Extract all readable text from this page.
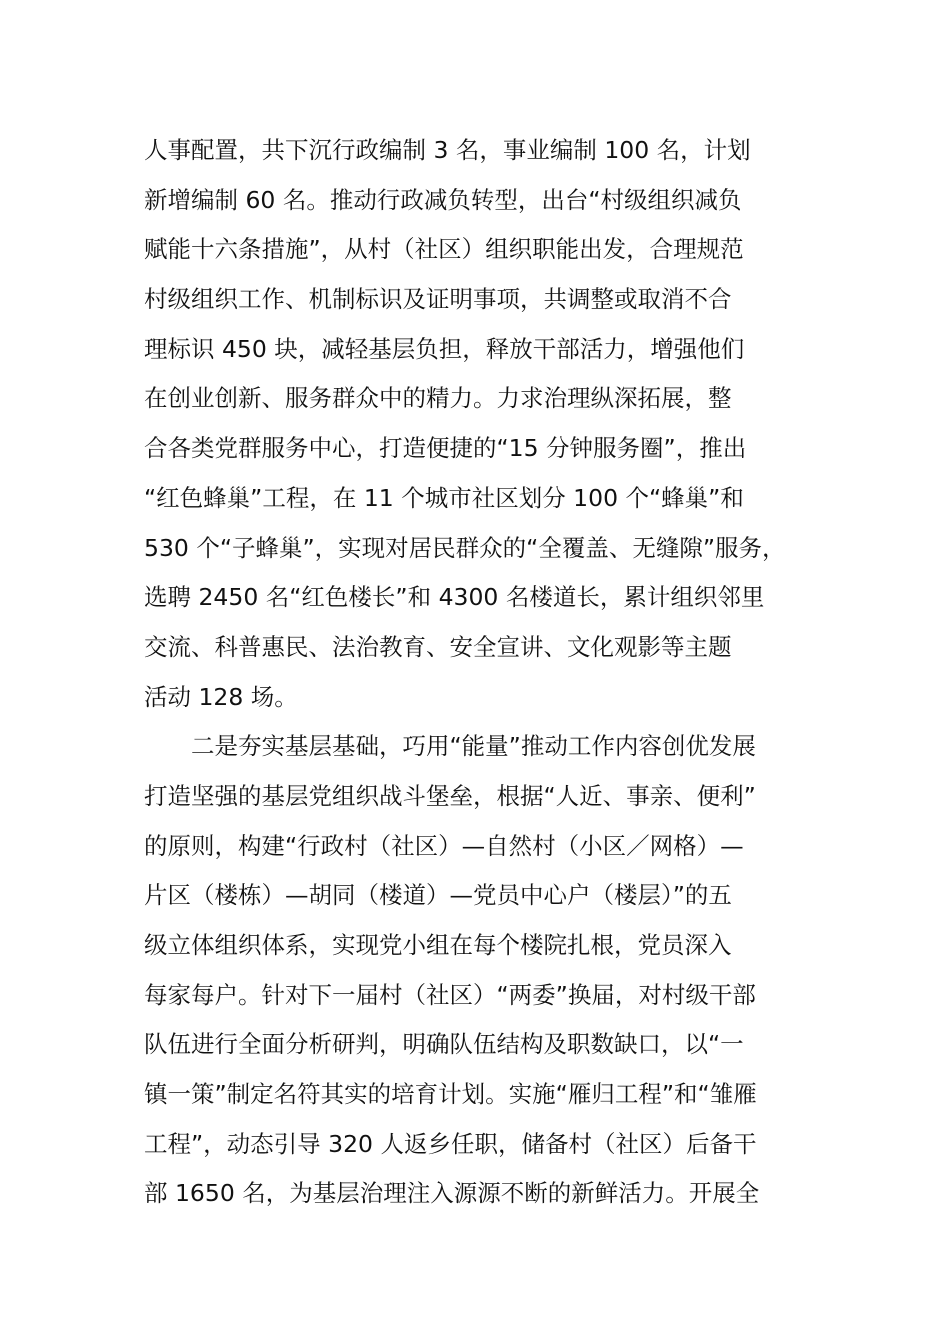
人事配置，共下沉行政编制 3 名，事业编制 100 名，计划
新增编制 60 名。推动行政减负转型，出台“村级组织减负
赋能十六条措施”，从村（社区）组织职能出发，合理规范
村级组织工作、机制标识及证明事项，共调整或取消不合
理标识 450 块，减轻基层负担，释放干部活力，增强他们
在创业创新、服务群众中的精力。力求治理纵深拓展，整
合各类党群服务中心，打造便捷的“15 分钟服务圈”，推出
“红色蜂巢”工程，在 11 个城市社区划分 100 个“蜂巢”和
530 个“子蜂巢”，实现对居民群众的“全覆盖、无缝隙”服务，
选聘 2450 名“红色楼长”和 4300 名楼道长，累计组织邻里
交流、科普惠民、法治教育、安全宣讲、文化观影等主题
活动 128 场。
二是夯实基层基础，巧用“能量”推动工作内容创优发展
打造坚强的基层党组织战斗堡垒，根据“人近、事亲、便利”
的原则，构建“行政村（社区）—自然村（小区／网格）—
片区（楼栋）—胡同（楼道）—党员中心户（楼层）”的五
级立体组织体系，实现党小组在每个楼院扎根，党员深入
每家每户。针对下一届村（社区）“两委”换届，对村级干部
队伍进行全面分析研判，明确队伍结构及职数缺口，以“一
镇一策”制定名符其实的培育计划。实施“雁归工程”和“雏雁
工程”，动态引导 320 人返乡任职，储备村（社区）后备干
部 1650 名，为基层治理注入源源不断的新鲜活力。开展全
